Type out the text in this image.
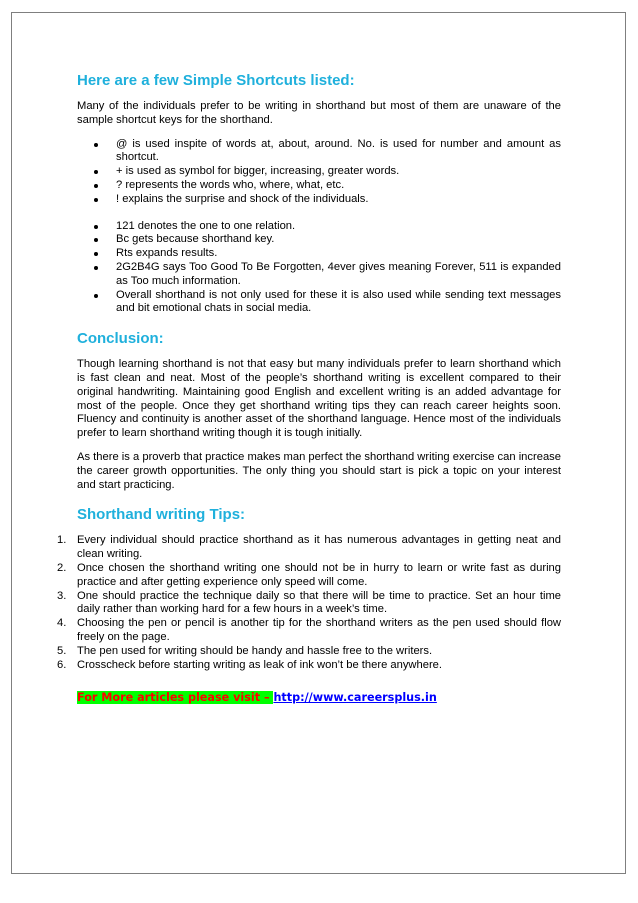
Here are a few Simple Shortcuts listed:

Many of the individuals prefer to be writing in shorthand but most of them are unaware of the sample shortcut keys for the shorthand.

@ is used inspite of words at, about, around. No. is used for number and amount as shortcut.
+ is used as symbol for bigger, increasing, greater words.
? represents the words who, where, what, etc.
! explains the surprise and shock of the individuals.
121 denotes the one to one relation.
Bc gets because shorthand key.
Rts expands results.
2G2B4G says Too Good To Be Forgotten, 4ever gives meaning Forever, 511 is expanded as Too much information.
Overall shorthand is not only used for these it is also used while sending text messages and bit emotional chats in social media.
Conclusion:

Though learning shorthand is not that easy but many individuals prefer to learn shorthand which is fast clean and neat. Most of the people’s shorthand writing is excellent compared to their original handwriting. Maintaining good English and excellent writing is an added advantage for most of the people. Once they get shorthand writing tips they can reach career heights soon. Fluency and continuity is another asset of the shorthand language. Hence most of the individuals prefer to learn shorthand writing though it is tough initially.

As there is a proverb that practice makes man perfect the shorthand writing exercise can increase the career growth opportunities. The only thing you should start is pick a topic on your interest and start practicing.

Shorthand writing Tips:
1. Every individual should practice shorthand as it has numerous advantages in getting neat and clean writing.
2. Once chosen the shorthand writing one should not be in hurry to learn or write fast as during practice and after getting experience only speed will come.
3. One should practice the technique daily so that there will be time to practice. Set an hour time daily rather than working hard for a few hours in a week’s time.
4. Choosing the pen or pencil is another tip for the shorthand writers as the pen used should flow freely on the page.
5. The pen used for writing should be handy and hassle free to the writers.
6. Crosscheck before starting writing as leak of ink won’t be there anywhere.
For More articles please visit – http://www.careersplus.in
